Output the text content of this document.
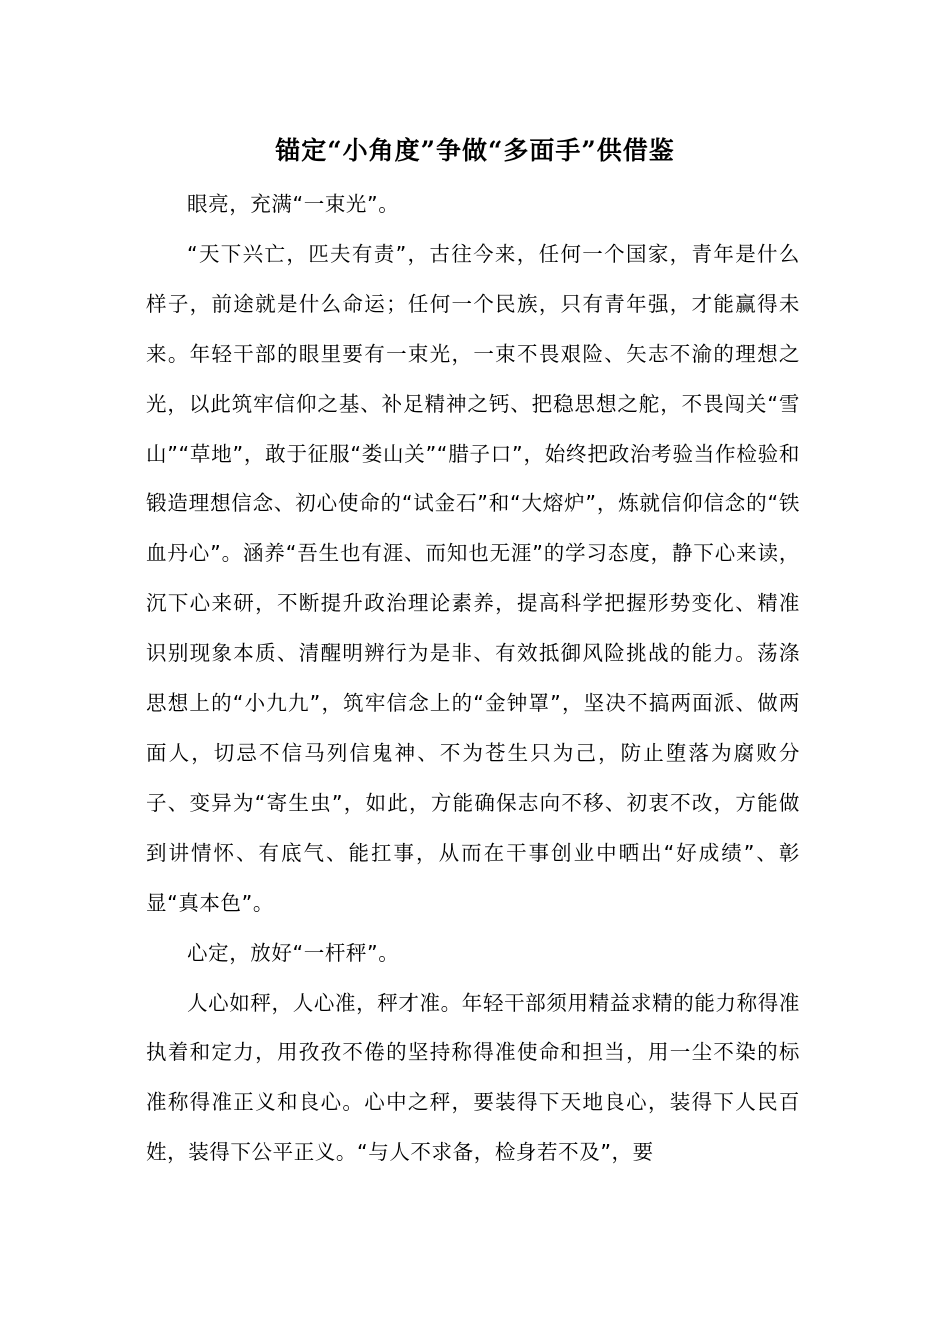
锚定“小角度”争做“多面手”供借鉴

眼亮，充满“一束光”。

“天下兴亡，匹夫有责”，古往今来，任何一个国家，青年是什么样子，前途就是什么命运；任何一个民族，只有青年强，才能赢得未来。年轻干部的眼里要有一束光，一束不畏艰险、矢志不渝的理想之光，以此筑牢信仰之基、补足精神之钙、把稳思想之舵，不畏闯关“雪山”“草地”，敢于征服“娄山关”“腊子口”，始终把政治考验当作检验和锻造理想信念、初心使命的“试金石”和“大熔炉”，炼就信仰信念的“铁血丹心”。涵养“吾生也有涯、而知也无涯”的学习态度，静下心来读，沉下心来研，不断提升政治理论素养，提高科学把握形势变化、精准识别现象本质、清醒明辨行为是非、有效抵御风险挑战的能力。荡涤思想上的“小九九”，筑牢信念上的“金钟罩”，坚决不搞两面派、做两面人，切忌不信马列信鬼神、不为苍生只为己，防止堕落为腐败分子、变异为“寄生虫”，如此，方能确保志向不移、初衷不改，方能做到讲情怀、有底气、能扛事，从而在干事创业中晒出“好成绩”、彰显“真本色”。

心定，放好“一杆秤”。

人心如秤，人心准，秤才准。年轻干部须用精益求精的能力称得准执着和定力，用孜孜不倦的坚持称得准使命和担当，用一尘不染的标准称得准正义和良心。心中之秤，要装得下天地良心，装得下人民百姓，装得下公平正义。“与人不求备，检身若不及”，要
